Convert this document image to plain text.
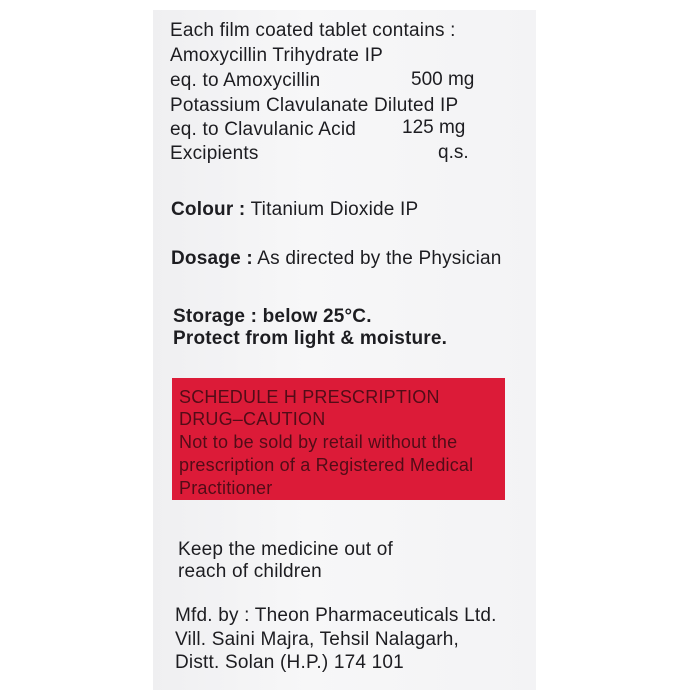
Each film coated tablet contains :
Amoxycillin Trihydrate IP
eq. to Amoxycillin	500 mg
Potassium Clavulanate Diluted IP
eq. to Clavulanic Acid 125 mg
Excipients	q.s.
Colour : Titanium Dioxide IP
Dosage : As directed by the Physician
Storage : below 25°C.
Protect from light & moisture.
SCHEDULE H PRESCRIPTION
DRUG–CAUTION
Not to be sold by retail without the
prescription of a Registered Medical
Practitioner
Keep the medicine out of
reach of children
Mfd. by : Theon Pharmaceuticals Ltd.
Vill. Saini Majra, Tehsil Nalagarh,
Distt. Solan (H.P.) 174 101
